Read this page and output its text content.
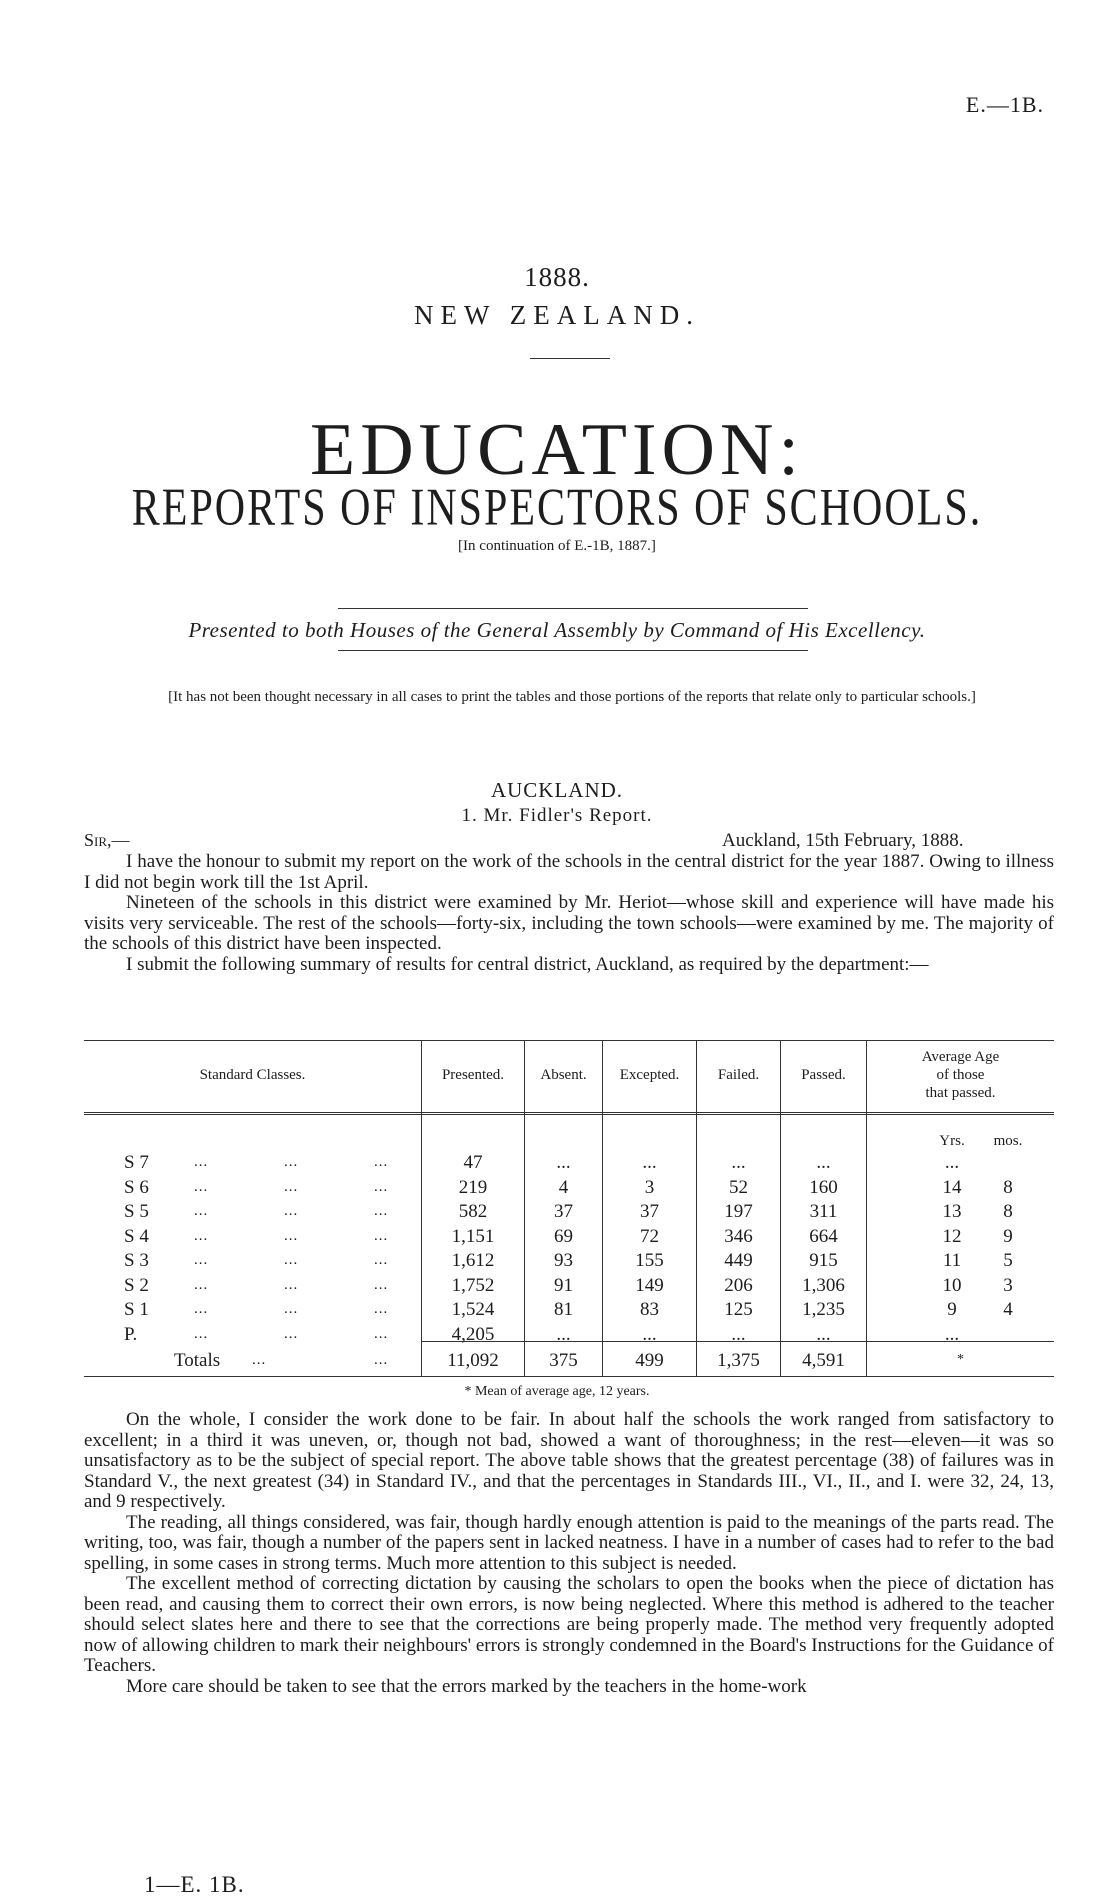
E.—1B.
1888.
NEW ZEALAND.
EDUCATION:
REPORTS OF INSPECTORS OF SCHOOLS.
[In continuation of E.-1B, 1887.]
Presented to both Houses of the General Assembly by Command of His Excellency.
[It has not been thought necessary in all cases to print the tables and those portions of the reports that relate only to particular schools.]
AUCKLAND.
1. Mr. Fidler's Report.
Sir,—	Auckland, 15th February, 1888.

I have the honour to submit my report on the work of the schools in the central district for the year 1887. Owing to illness I did not begin work till the 1st April.

Nineteen of the schools in this district were examined by Mr. Heriot—whose skill and experience will have made his visits very serviceable. The rest of the schools—forty-six, including the town schools—were examined by me. The majority of the schools of this district have been inspected.

I submit the following summary of results for central district, Auckland, as required by the department:—

Standard Classes.	Presented.	Absent.	Excepted.	Failed.	Passed.
Average Age
of those
that passed.
Yrs.	mos.
S 7	...	...	...	47	...	...	...	...	...
S 6	...	...	...	219	4	3	52	160	14	8
S 5	...	...	...	582	37	37	197	311	13	8
S 4	...	...	...	1,151	69	72	346	664	12	9
S 3	...	...	...	1,612	93	155	449	915	11	5
S 2	...	...	...	1,752	91	149	206	1,306	10	3
S 1	...	...	...	1,524	81	83	125	1,235	9	4
P.	...	...	...	4,205	...	...	...	...	...
Totals ...	...	11,092	375	499	1,375	4,591	*
* Mean of average age, 12 years.

On the whole, I consider the work done to be fair. In about half the schools the work ranged from satisfactory to excellent; in a third it was uneven, or, though not bad, showed a want of thoroughness; in the rest—eleven—it was so unsatisfactory as to be the subject of special report. The above table shows that the greatest percentage (38) of failures was in Standard V., the next greatest (34) in Standard IV., and that the percentages in Standards III., VI., II., and I. were 32, 24, 13, and 9 respectively.

The reading, all things considered, was fair, though hardly enough attention is paid to the meanings of the parts read. The writing, too, was fair, though a number of the papers sent in lacked neatness. I have in a number of cases had to refer to the bad spelling, in some cases in strong terms. Much more attention to this subject is needed.

The excellent method of correcting dictation by causing the scholars to open the books when the piece of dictation has been read, and causing them to correct their own errors, is now being neglected. Where this method is adhered to the teacher should select slates here and there to see that the corrections are being properly made. The method very frequently adopted now of allowing children to mark their neighbours' errors is strongly condemned in the Board's Instructions for the Guidance of Teachers.

More care should be taken to see that the errors marked by the teachers in the home-work

1—E. 1B.
